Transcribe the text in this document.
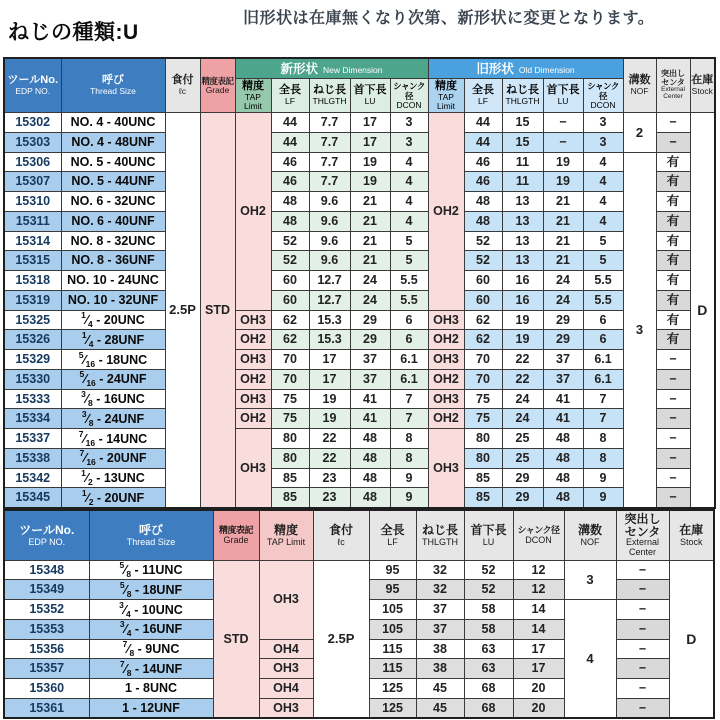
ねじの種類:U
旧形状は在庫無くなり次第、新形状に変更となります。
ツールNo.
EDP NO.

呼び
Thread Size

食付
ℓc

精度表記
Grade
	新形状 New Dimension	旧形状 Old Dimension	
溝数
NOF

突出し
センタ
External
Center

在庫
Stock

精度
TAP Limit

全長
LF

ねじ長
THLGTH

首下長
LU

シャンク径
DCON

精度
TAP Limit

全長
LF

ねじ長
THLGTH

首下長
LU

シャンク径
DCON

15302	NO. 4 - 40UNC	2.5P	STD	OH2	44	7.7	17	3	OH2	44	15	−	3	2	−	D
15303	NO. 4 - 48UNF				44	7.7	17	3		44	15	−	3		−	
15306	NO. 5 - 40UNC				46	7.7	19	4		46	11	19	4	3	有	
15307	NO. 5 - 44UNF				46	7.7	19	4		46	11	19	4		有	
15310	NO. 6 - 32UNC				48	9.6	21	4		48	13	21	4		有	
15311	NO. 6 - 40UNF				48	9.6	21	4		48	13	21	4		有	
15314	NO. 8 - 32UNC				52	9.6	21	5		52	13	21	5		有	
15315	NO. 8 - 36UNF				52	9.6	21	5		52	13	21	5		有	
15318	NO. 10 - 24UNC				60	12.7	24	5.5		60	16	24	5.5		有	
15319	NO. 10 - 32UNF				60	12.7	24	5.5		60	16	24	5.5		有	
15325	$^1⁄_4 - 20UNC$			OH3	62	15.3	29	6	OH3	62	19	29	6		有	
15326	$^1⁄_4 - 28UNF$			OH2	62	15.3	29	6	OH2	62	19	29	6		有	
15329	$^5⁄_{16} - 18UNC$			OH3	70	17	37	6.1	OH3	70	22	37	6.1		−	
15330	$^5⁄_{16} - 24UNF$			OH2	70	17	37	6.1	OH2	70	22	37	6.1		−	
15333	$^3⁄_8 - 16UNC$			OH3	75	19	41	7	OH3	75	24	41	7		−	
15334	$^3⁄_8 - 24UNF$			OH2	75	19	41	7	OH2	75	24	41	7		−	
15337	$^7⁄_{16} - 14UNC$			OH3	80	22	48	8	OH3	80	25	48	8		−	
15338	$^7⁄_{16} - 20UNF$				80	22	48	8		80	25	48	8		−	
15342	$^1⁄_2 - 13UNC$				85	23	48	9		85	29	48	9		−	
15345	$^1⁄_2 - 20UNF$				85	23	48	9		85	29	48	9		−	
ツールNo.
EDP NO.

呼び
Thread Size

精度表記
Grade

精度
TAP Limit

食付
ℓc

全長
LF

ねじ長
THLGTH

首下長
LU

シャンク径
DCON

溝数
NOF

突出し
センタ
External
Center

在庫
Stock

15348	$^5⁄_8 - 11UNC$	STD	OH3	2.5P	95	32	52	12	3	−	D
15349	$^5⁄_8 - 18UNF$				95	32	52	12		−	
15352	$^3⁄_4 - 10UNC$				105	37	58	14	4	−	
15353	$^3⁄_4 - 16UNF$				105	37	58	14		−	
15356	$^7⁄_8 - 9UNC$		OH4		115	38	63	17		−	
15357	$^7⁄_8 - 14UNF$		OH3		115	38	63	17		−	
15360	1 - 8UNC		OH4		125	45	68	20		−	
15361	1 - 12UNF		OH3		125	45	68	20		−	
